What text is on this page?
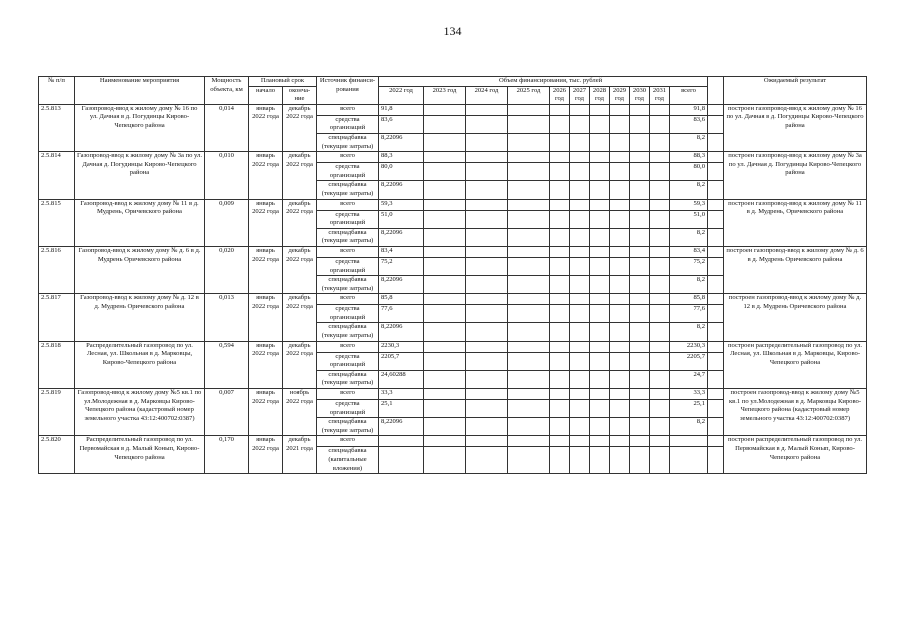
134
№ п/п	Наименование мероприятия	Мощность объекта, км	Плановый срок		Источник финанси- рования	Объем финансирования, тыс. рублей												Ожидаемый результат
			начало	оконча- ние		2022 год	2023 год	2024 год	2025 год	2026 год	2027 год	2028 год	2029 год	2030 год	2031 год	всего		
2.5.813	Газопровод-ввод к жилому дому № 16 по ул. Дачная в д. Погудинцы Кирово-Чепецкого района	0,014	январь 2022 года	декабрь 2022 года	всего	91,8										91,8		построен газопровод-ввод к жилому дому № 16 по ул. Дачная в д. Погудинцы Кирово-Чепецкого района
					средства организаций	83,6										83,6		
					спецнадбавка (текущие затраты)	8,22096										8,2		
2.5.814	Газопровод-ввод к жилому дому № 3а по ул. Дачная д. Погудинцы Кирово-Чепецкого района	0,010	январь 2022 года	декабрь 2022 года	всего	88,3										88,3		построен газопровод-ввод к жилому дому № 3а по ул. Дачная д. Погудинцы Кирово-Чепецкого района
					средства организаций	80,0										80,0		
					спецнадбавка (текущие затраты)	8,22096										8,2		
2.5.815	Газопровод-ввод к жилому дому № 11 в д. Мудрень, Оричевского района	0,009	январь 2022 года	декабрь 2022 года	всего	59,3										59,3		построен газопровод-ввод к жилому дому № 11 в д. Мудрень, Оричевского района
					средства организаций	51,0										51,0		
					спецнадбавка (текущие затраты)	8,22096										8,2		
2.5.816	Газопровод-ввод к жилому дому № д. 6 в д. Мудрень Оричевского района	0,020	январь 2022 года	декабрь 2022 года	всего	83,4										83,4		построен газопровод-ввод к жилому дому № д. 6 в д. Мудрень Оричевского района
					средства организаций	75,2										75,2		
					спецнадбавка (текущие затраты)	8,22096										8,2		
2.5.817	Газопровод-ввод к жилому дому № д. 12 в д. Мудрень Оричевского района	0,013	январь 2022 года	декабрь 2022 года	всего	85,8										85,8		построен газопровод-ввод к жилому дому № д. 12 в д. Мудрень Оричевского района
					средства организаций	77,6										77,6		
					спецнадбавка (текущие затраты)	8,22096										8,2		
2.5.818	Распределительный газопровод по ул. Лесная, ул. Школьная в д. Марковцы, Кирово-Чепецкого района	0,594	январь 2022 года	декабрь 2022 года	всего	2230,3										2230,3		построен распределительный газопровод по ул. Лесная, ул. Школьная в д. Марковцы, Кирово-Чепецкого района
					средства организаций	2205,7										2205,7		
					спецнадбавка (текущие затраты)	24,60288										24,7		
2.5.819	Газопровод-ввод к жилому дому №5 кв.1 по ул.Молодежная в д. Марковцы Кирово-Чепецкого района (кадастровый номер земельного участка 43:12:400702:0387)	0,007	январь 2022 года	ноябрь 2022 года	всего	33,3										33,3		построен газопровод-ввод к жилому дому №5 кв.1 по ул.Молодежная в д. Марковцы Кирово-Чепецкого района (кадастровый номер земельного участка 43:12:400702:0387)
					средства организаций	25,1										25,1		
					спецнадбавка (текущие затраты)	8,22096										8,2		
2.5.820	Распределительный газопровод по ул. Первомайская в д. Малый Конып, Кирово-Чепецкого района	0,170	январь 2022 года	декабрь 2021 года	всего													построен распределительный газопровод по ул. Первомайская в д. Малый Конып, Кирово-Чепецкого района
					спецнадбавка (капитальные вложения)													
